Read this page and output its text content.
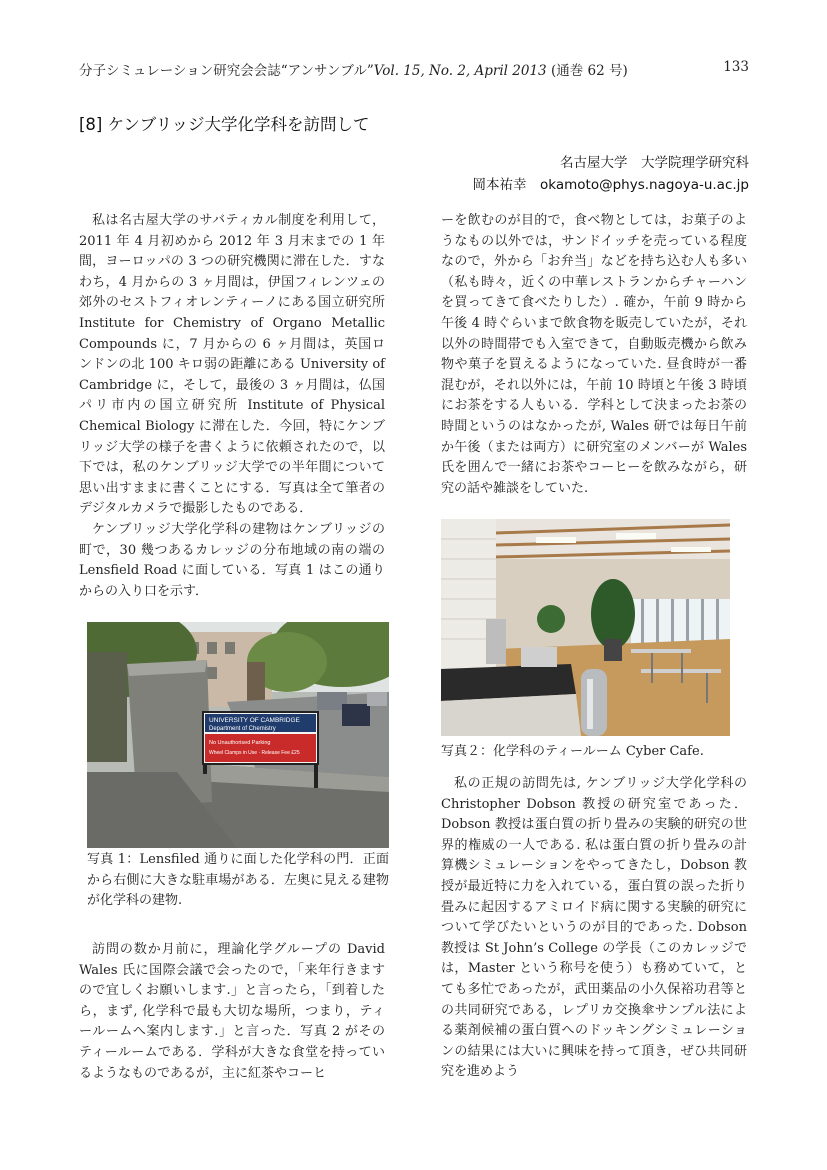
分子シミュレーション研究会会誌“アンサンブル”Vol. 15, No. 2, April 2013 (通巻 62 号)	133
[8] ケンブリッジ大学化学科を訪問して
名古屋大学　大学院理学研究科
岡本祐幸　okamoto@phys.nagoya-u.ac.jp

私は名古屋大学のサバティカル制度を利用して，2011 年 4 月初めから 2012 年 3 月末までの 1 年間，ヨーロッパの 3 つの研究機関に滞在した．すなわち，4 月からの 3 ヶ月間は，伊国フィレンツェの郊外のセストフィオレンティーノにある国立研究所 Institute for Chemistry of Organo Metallic Compounds に，7 月からの 6 ヶ月間は，英国ロンドンの北 100 キロ弱の距離にある University of Cambridge に，そして，最後の 3 ヶ月間は，仏国パリ市内の国立研究所 Institute of Physical Chemical Biology に滞在した．今回，特にケンブリッジ大学の様子を書くように依頼されたので，以下では，私のケンブリッジ大学での半年間について思い出すままに書くことにする．写真は全て筆者のデジタルカメラで撮影したものである．

ケンブリッジ大学化学科の建物はケンブリッジの町で，30 幾つあるカレッジの分布地域の南の端の Lensfield Road に面している．写真 1 はこの通りからの入り口を示す．

UNIVERSITY OF CAMBRIDGE
Department of Chemistry
No Unauthorised Parking
Wheel Clamps in Use · Release Fee £25
写真 1：Lensfiled 通りに面した化学科の門．正面から右側に大きな駐車場がある．左奥に見える建物が化学科の建物.

訪問の数か月前に，理論化学グループの David Wales 氏に国際会議で会ったので，「来年行きますので宜しくお願いします.」と言ったら，「到着したら，まず, 化学科で最も大切な場所，つまり，ティールームへ案内します.」と言った．写真 2 がそのティールームである．学科が大きな食堂を持っているようなものであるが，主に紅茶やコーヒ

ーを飲むのが目的で，食べ物としては，お菓子のようなもの以外では，サンドイッチを売っている程度なので，外から「お弁当」などを持ち込む人も多い（私も時々，近くの中華レストランからチャーハンを買ってきて食べたりした）. 確か，午前 9 時から午後 4 時ぐらいまで飲食物を販売していたが，それ以外の時間帯でも入室できて，自動販売機から飲み物や菓子を買えるようになっていた. 昼食時が一番混むが，それ以外には，午前 10 時頃と午後 3 時頃にお茶をする人もいる．学科として決まったお茶の時間というのはなかったが, Wales 研では毎日午前か午後（または両方）に研究室のメンバーが Wales 氏を囲んで一緒にお茶やコーヒーを飲みながら，研究の話や雑談をしていた.

写真２：化学科のティールーム Cyber Cafe.

私の正規の訪問先は, ケンブリッジ大学化学科の Christopher Dobson 教授の研究室であった．Dobson 教授は蛋白質の折り畳みの実験的研究の世界的権威の一人である. 私は蛋白質の折り畳みの計算機シミュレーションをやってきたし，Dobson 教授が最近特に力を入れている，蛋白質の誤った折り畳みに起因するアミロイド病に関する実験的研究について学びたいというのが目的であった. Dobson 教授は St John’s College の学長（このカレッジでは，Master という称号を使う）も務めていて，とても多忙であったが，武田薬品の小久保裕功君等との共同研究である，レプリカ交換傘サンプル法による薬剤候補の蛋白質へのドッキングシミュレーションの結果には大いに興味を持って頂き，ぜひ共同研究を進めよう
